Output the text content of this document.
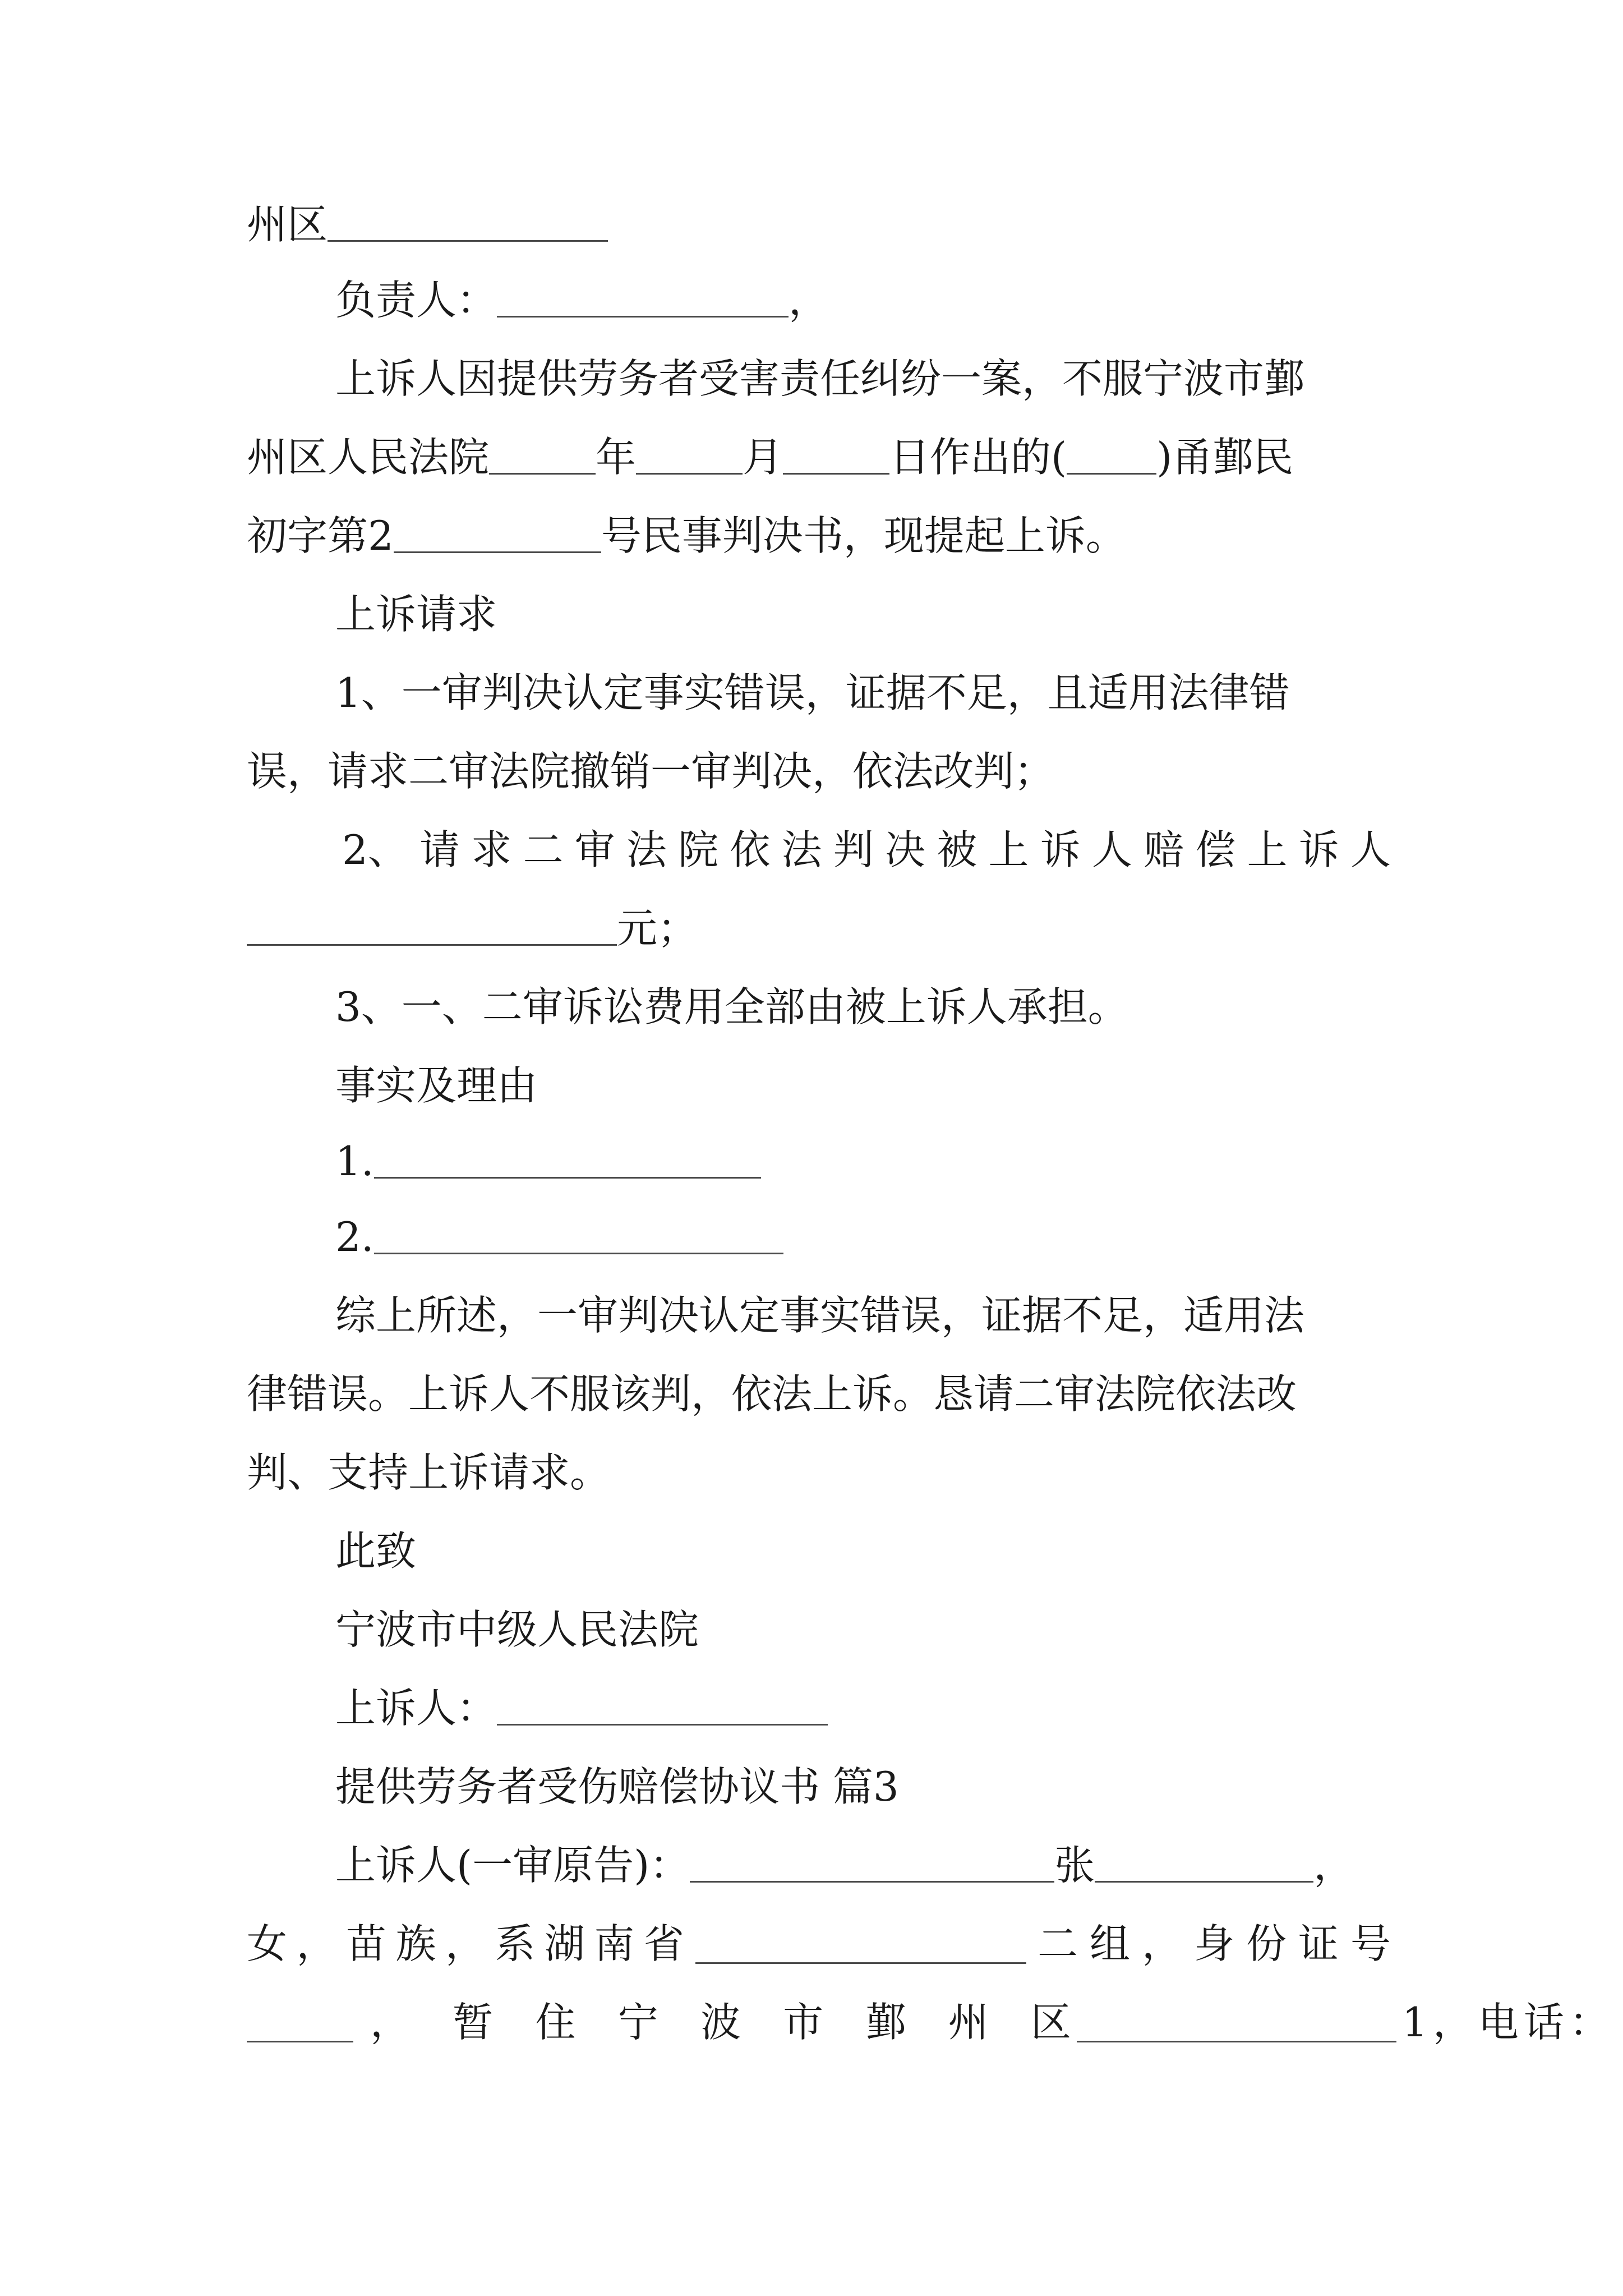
州区
负责人：	，
上诉人因提供劳务者受害责任纠纷一案，不服宁波市鄞
州区人民法院	年	月	日作出的( )甬鄞民
初字第2	号民事判决书，现提起上诉。
上诉请求
1、一审判决认定事实错误，证据不足，且适用法律错
误，请求二审法院撤销一审判决，依法改判；
2、 请 求 二 审 法 院 依 法 判 决 被 上 诉 人 赔 偿 上 诉 人
元；
3、一、二审诉讼费用全部由被上诉人承担。
事实及理由
1.
2.
综上所述，一审判决认定事实错误，证据不足，适用法
律错误。上诉人不服该判，依法上诉。恳请二审法院依法改
判、支持上诉请求。
此致
宁波市中级人民法院
上诉人：
提供劳务者受伤赔偿协议书 篇3
上诉人(一审原告)：	张	，
女 ， 苗 族 ， 系 湖 南 省	二 组 ， 身 份 证 号
， 暂 住 宁 波 市 鄞 州 区	1 ， 电 话 ：
